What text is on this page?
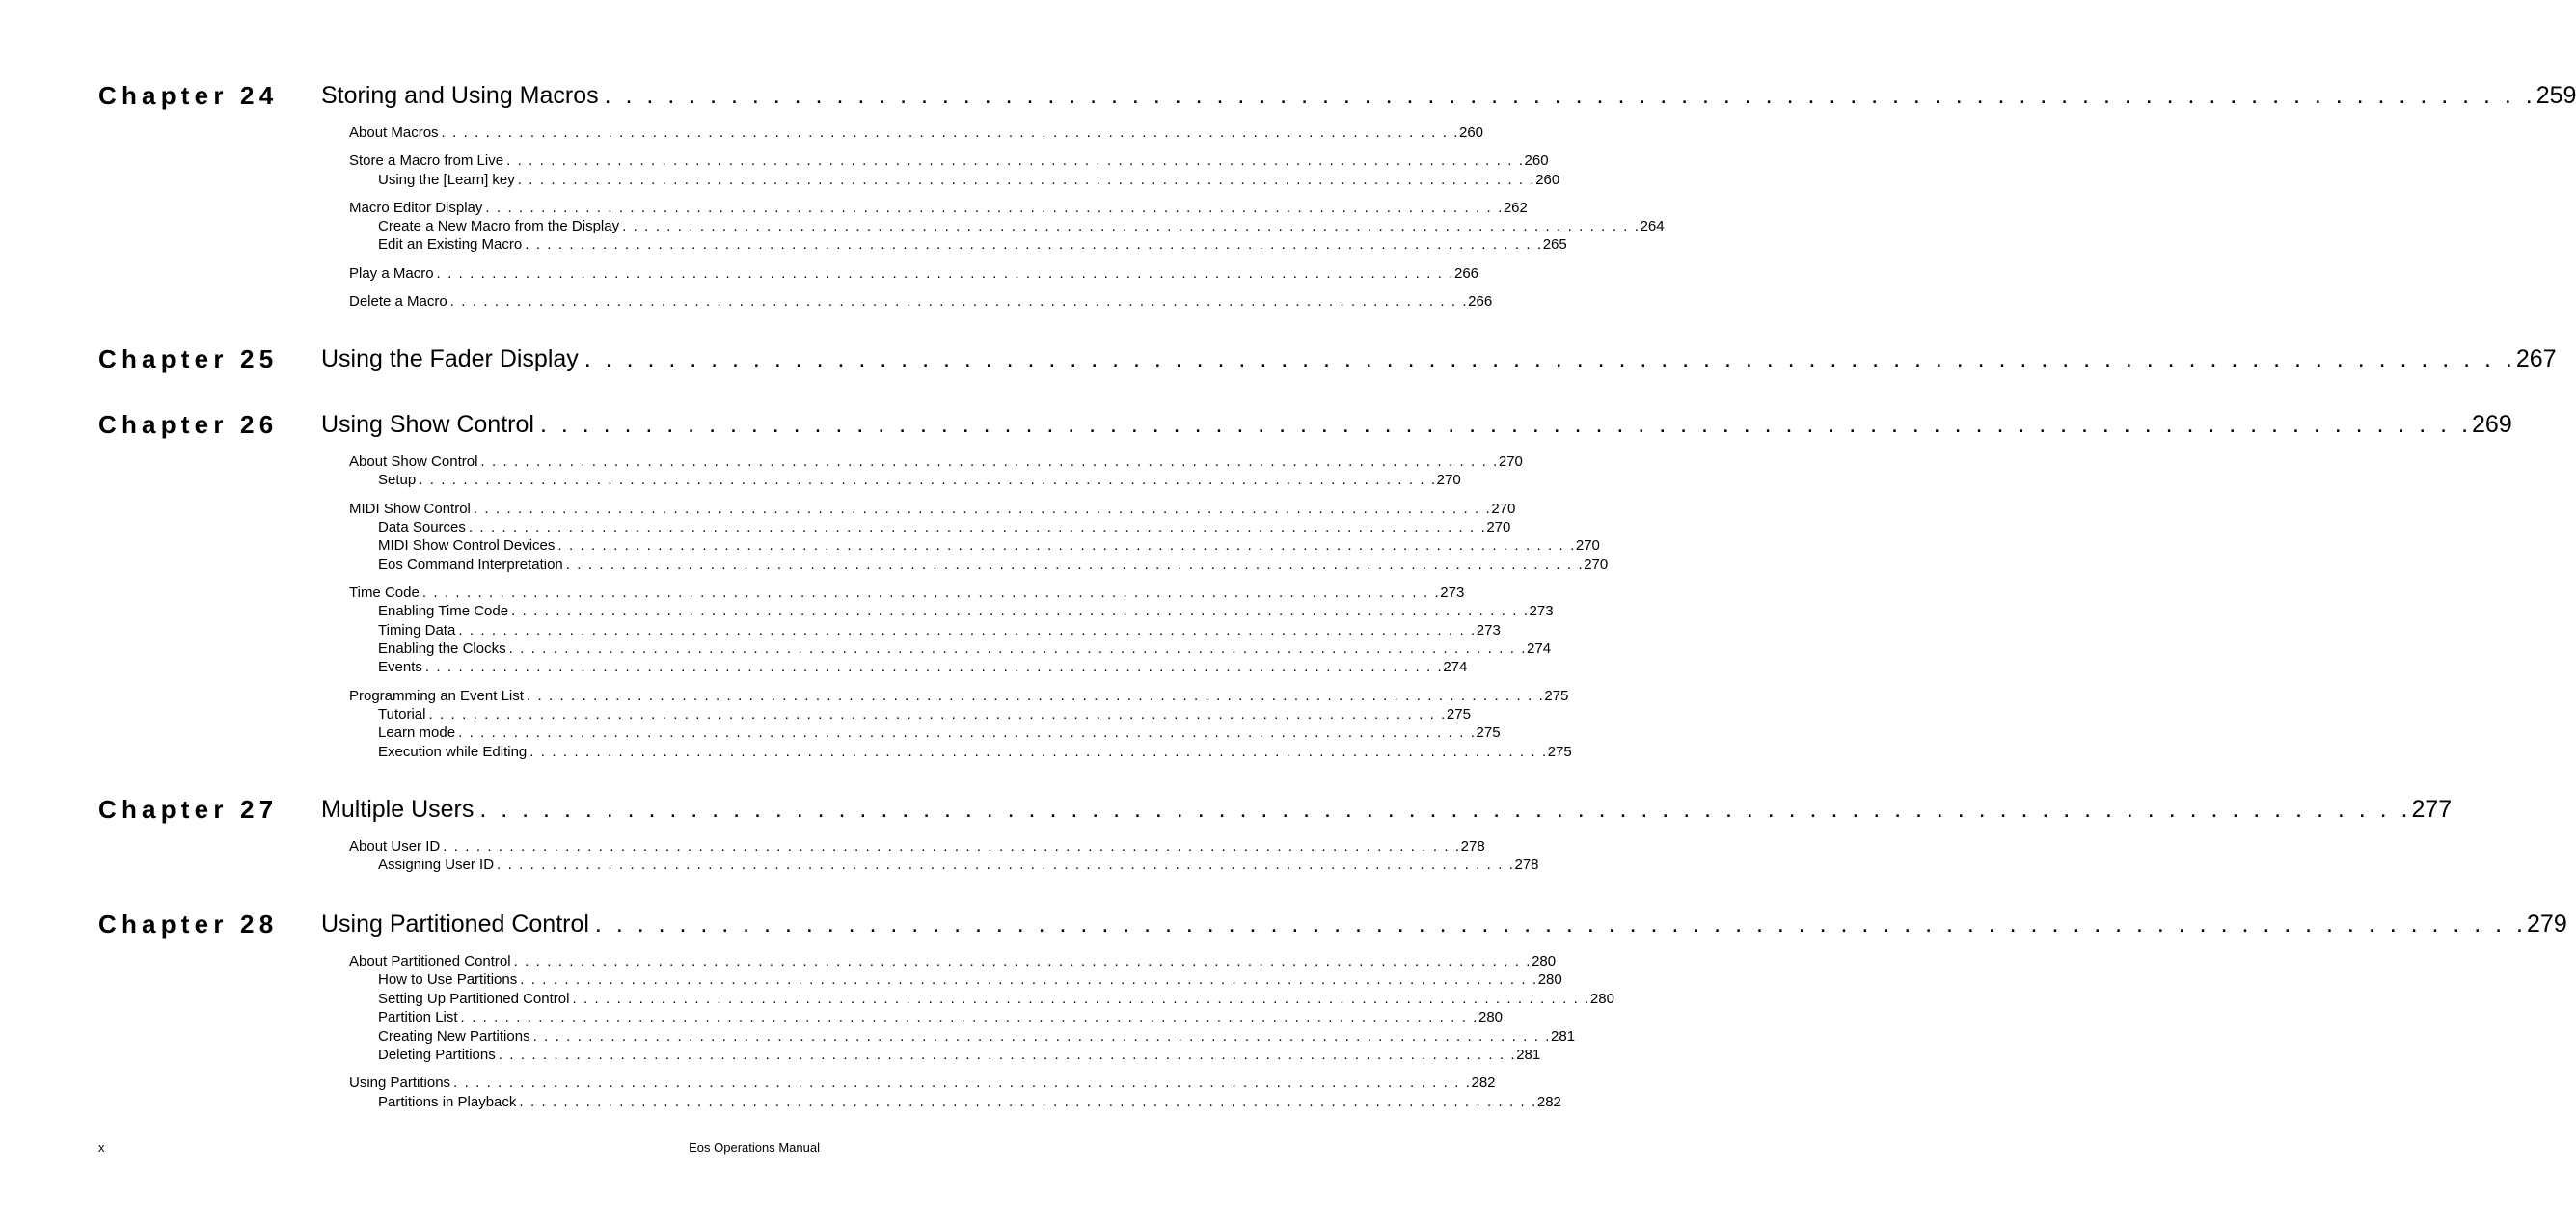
Chapter 24 Storing and Using Macros . . . . . . . . . . . . . . . . . . . . . . . . . . . . . . . . . . . . . . . . . . . . . . . . . . . . . . . . . . . . . . . . . . . . . . . . . . . . . . . . . . . . . . . . . . . . 259
About Macros . . . . . . . . . . . . . . . . . . . . . . . . . . . . . . . . . . . . . . . . . . . . . . . . . . . . . . . . . . . . . . . . . . . . . . . . . . . . . . . . . . . . . . . . . . . . 260
Store a Macro from Live . . . . . . . . . . . . . . . . . . . . . . . . . . . . . . . . . . . . . . . . . . . . . . . . . . . . . . . . . . . . . . . . . . . . . . . . . . . . . . . . . . . . . . . . . . . . 260
Using the [Learn] key . . . . . . . . . . . . . . . . . . . . . . . . . . . . . . . . . . . . . . . . . . . . . . . . . . . . . . . . . . . . . . . . . . . . . . . . . . . . . . . . . . . . . . . . . . . . 260
Macro Editor Display . . . . . . . . . . . . . . . . . . . . . . . . . . . . . . . . . . . . . . . . . . . . . . . . . . . . . . . . . . . . . . . . . . . . . . . . . . . . . . . . . . . . . . . . . . . . 262
Create a New Macro from the Display . . . . . . . . . . . . . . . . . . . . . . . . . . . . . . . . . . . . . . . . . . . . . . . . . . . . . . . . . . . . . . . . . . . . . . . . . . . . . . . . . . . . . . . . . . . . 264
Edit an Existing Macro . . . . . . . . . . . . . . . . . . . . . . . . . . . . . . . . . . . . . . . . . . . . . . . . . . . . . . . . . . . . . . . . . . . . . . . . . . . . . . . . . . . . . . . . . . . . 265
Play a Macro . . . . . . . . . . . . . . . . . . . . . . . . . . . . . . . . . . . . . . . . . . . . . . . . . . . . . . . . . . . . . . . . . . . . . . . . . . . . . . . . . . . . . . . . . . . . 266
Delete a Macro . . . . . . . . . . . . . . . . . . . . . . . . . . . . . . . . . . . . . . . . . . . . . . . . . . . . . . . . . . . . . . . . . . . . . . . . . . . . . . . . . . . . . . . . . . . . 266
Chapter 25 Using the Fader Display . . . . . . . . . . . . . . . . . . . . . . . . . . . . . . . . . . . . . . . . . . . . . . . . . . . . . . . . . . . . . . . . . . . . . . . . . . . . . . . . . . . . . . . . . . . . 267
Chapter 26 Using Show Control . . . . . . . . . . . . . . . . . . . . . . . . . . . . . . . . . . . . . . . . . . . . . . . . . . . . . . . . . . . . . . . . . . . . . . . . . . . . . . . . . . . . . . . . . . . . 269
About Show Control . . . . . . . . . . . . . . . . . . . . . . . . . . . . . . . . . . . . . . . . . . . . . . . . . . . . . . . . . . . . . . . . . . . . . . . . . . . . . . . . . . . . . . . . . . . . 270
Setup . . . . . . . . . . . . . . . . . . . . . . . . . . . . . . . . . . . . . . . . . . . . . . . . . . . . . . . . . . . . . . . . . . . . . . . . . . . . . . . . . . . . . . . . . . . . 270
MIDI Show Control . . . . . . . . . . . . . . . . . . . . . . . . . . . . . . . . . . . . . . . . . . . . . . . . . . . . . . . . . . . . . . . . . . . . . . . . . . . . . . . . . . . . . . . . . . . . 270
Data Sources . . . . . . . . . . . . . . . . . . . . . . . . . . . . . . . . . . . . . . . . . . . . . . . . . . . . . . . . . . . . . . . . . . . . . . . . . . . . . . . . . . . . . . . . . . . . 270
MIDI Show Control Devices . . . . . . . . . . . . . . . . . . . . . . . . . . . . . . . . . . . . . . . . . . . . . . . . . . . . . . . . . . . . . . . . . . . . . . . . . . . . . . . . . . . . . . . . . . . . 270
Eos Command Interpretation . . . . . . . . . . . . . . . . . . . . . . . . . . . . . . . . . . . . . . . . . . . . . . . . . . . . . . . . . . . . . . . . . . . . . . . . . . . . . . . . . . . . . . . . . . . . 270
Time Code . . . . . . . . . . . . . . . . . . . . . . . . . . . . . . . . . . . . . . . . . . . . . . . . . . . . . . . . . . . . . . . . . . . . . . . . . . . . . . . . . . . . . . . . . . . . 273
Enabling Time Code . . . . . . . . . . . . . . . . . . . . . . . . . . . . . . . . . . . . . . . . . . . . . . . . . . . . . . . . . . . . . . . . . . . . . . . . . . . . . . . . . . . . . . . . . . . . 273
Timing Data . . . . . . . . . . . . . . . . . . . . . . . . . . . . . . . . . . . . . . . . . . . . . . . . . . . . . . . . . . . . . . . . . . . . . . . . . . . . . . . . . . . . . . . . . . . . 273
Enabling the Clocks . . . . . . . . . . . . . . . . . . . . . . . . . . . . . . . . . . . . . . . . . . . . . . . . . . . . . . . . . . . . . . . . . . . . . . . . . . . . . . . . . . . . . . . . . . . . 274
Events . . . . . . . . . . . . . . . . . . . . . . . . . . . . . . . . . . . . . . . . . . . . . . . . . . . . . . . . . . . . . . . . . . . . . . . . . . . . . . . . . . . . . . . . . . . . 274
Programming an Event List . . . . . . . . . . . . . . . . . . . . . . . . . . . . . . . . . . . . . . . . . . . . . . . . . . . . . . . . . . . . . . . . . . . . . . . . . . . . . . . . . . . . . . . . . . . . 275
Tutorial . . . . . . . . . . . . . . . . . . . . . . . . . . . . . . . . . . . . . . . . . . . . . . . . . . . . . . . . . . . . . . . . . . . . . . . . . . . . . . . . . . . . . . . . . . . . 275
Learn mode . . . . . . . . . . . . . . . . . . . . . . . . . . . . . . . . . . . . . . . . . . . . . . . . . . . . . . . . . . . . . . . . . . . . . . . . . . . . . . . . . . . . . . . . . . . . 275
Execution while Editing . . . . . . . . . . . . . . . . . . . . . . . . . . . . . . . . . . . . . . . . . . . . . . . . . . . . . . . . . . . . . . . . . . . . . . . . . . . . . . . . . . . . . . . . . . . . 275
Chapter 27 Multiple Users . . . . . . . . . . . . . . . . . . . . . . . . . . . . . . . . . . . . . . . . . . . . . . . . . . . . . . . . . . . . . . . . . . . . . . . . . . . . . . . . . . . . . . . . . . . . 277
About User ID . . . . . . . . . . . . . . . . . . . . . . . . . . . . . . . . . . . . . . . . . . . . . . . . . . . . . . . . . . . . . . . . . . . . . . . . . . . . . . . . . . . . . . . . . . . . 278
Assigning User ID . . . . . . . . . . . . . . . . . . . . . . . . . . . . . . . . . . . . . . . . . . . . . . . . . . . . . . . . . . . . . . . . . . . . . . . . . . . . . . . . . . . . . . . . . . . . 278
Chapter 28 Using Partitioned Control . . . . . . . . . . . . . . . . . . . . . . . . . . . . . . . . . . . . . . . . . . . . . . . . . . . . . . . . . . . . . . . . . . . . . . . . . . . . . . . . . . . . . . . . . . . . 279
About Partitioned Control . . . . . . . . . . . . . . . . . . . . . . . . . . . . . . . . . . . . . . . . . . . . . . . . . . . . . . . . . . . . . . . . . . . . . . . . . . . . . . . . . . . . . . . . . . . . 280
How to Use Partitions . . . . . . . . . . . . . . . . . . . . . . . . . . . . . . . . . . . . . . . . . . . . . . . . . . . . . . . . . . . . . . . . . . . . . . . . . . . . . . . . . . . . . . . . . . . . 280
Setting Up Partitioned Control . . . . . . . . . . . . . . . . . . . . . . . . . . . . . . . . . . . . . . . . . . . . . . . . . . . . . . . . . . . . . . . . . . . . . . . . . . . . . . . . . . . . . . . . . . . . 280
Partition List . . . . . . . . . . . . . . . . . . . . . . . . . . . . . . . . . . . . . . . . . . . . . . . . . . . . . . . . . . . . . . . . . . . . . . . . . . . . . . . . . . . . . . . . . . . . 280
Creating New Partitions . . . . . . . . . . . . . . . . . . . . . . . . . . . . . . . . . . . . . . . . . . . . . . . . . . . . . . . . . . . . . . . . . . . . . . . . . . . . . . . . . . . . . . . . . . . . 281
Deleting Partitions . . . . . . . . . . . . . . . . . . . . . . . . . . . . . . . . . . . . . . . . . . . . . . . . . . . . . . . . . . . . . . . . . . . . . . . . . . . . . . . . . . . . . . . . . . . . 281
Using Partitions . . . . . . . . . . . . . . . . . . . . . . . . . . . . . . . . . . . . . . . . . . . . . . . . . . . . . . . . . . . . . . . . . . . . . . . . . . . . . . . . . . . . . . . . . . . . 282
Partitions in Playback . . . . . . . . . . . . . . . . . . . . . . . . . . . . . . . . . . . . . . . . . . . . . . . . . . . . . . . . . . . . . . . . . . . . . . . . . . . . . . . . . . . . . . . . . . . . 282
x	Eos Operations Manual
